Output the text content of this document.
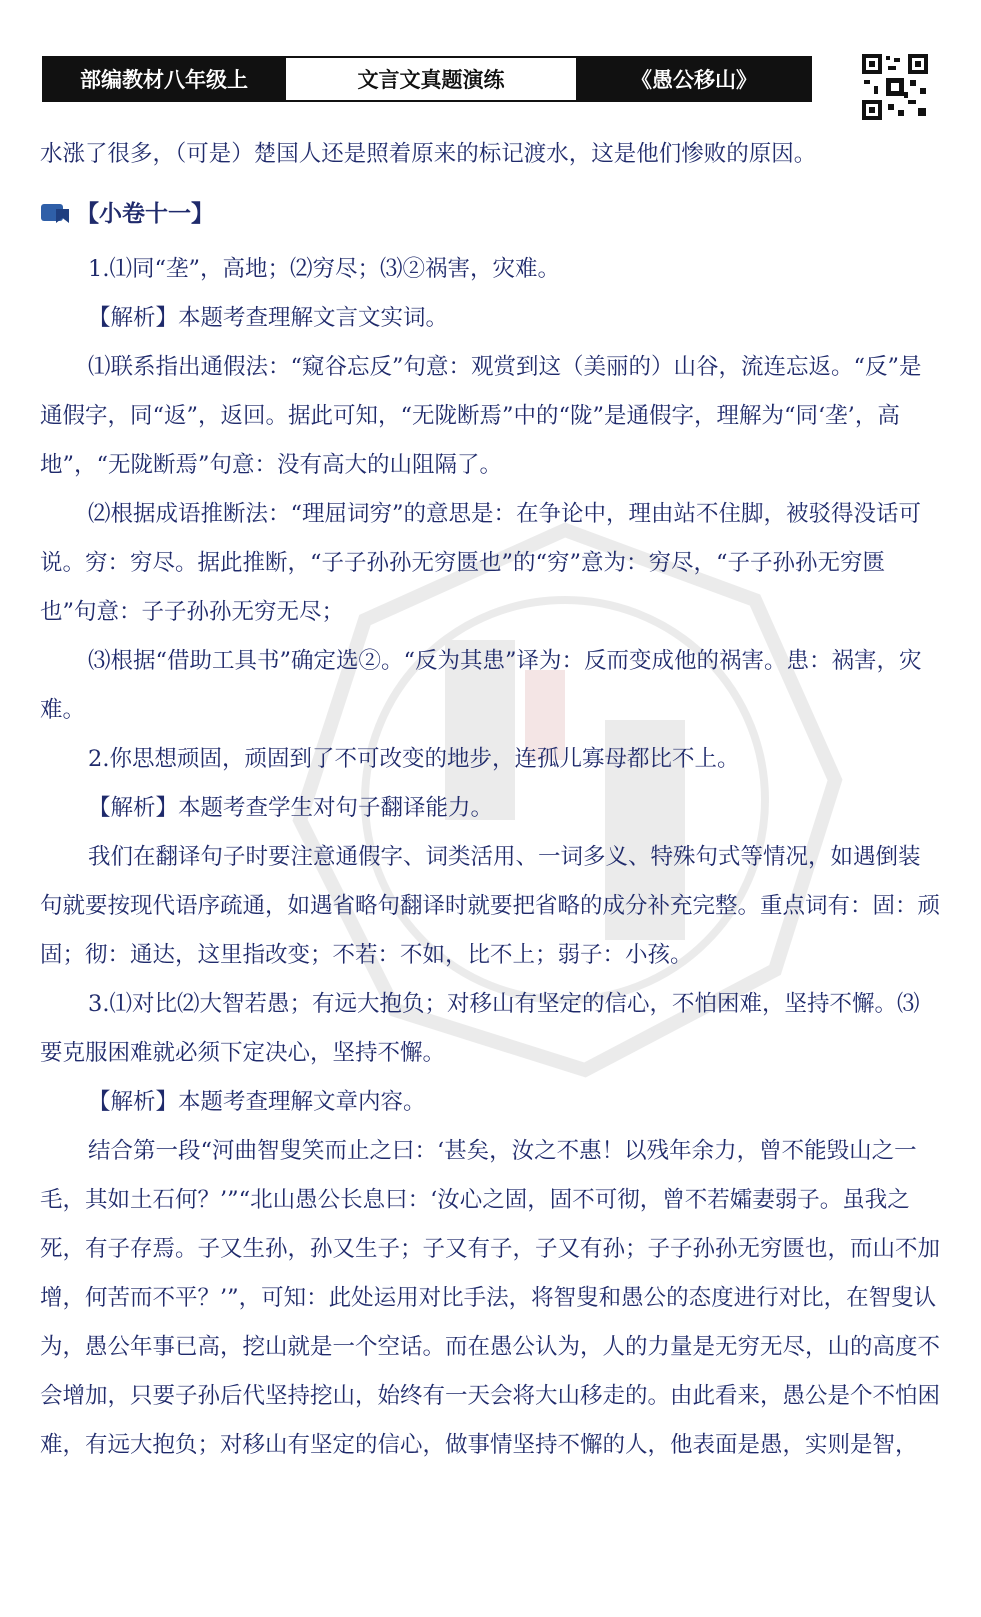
部编教材八年级上	文言文真题演练	《愚公移山》

水涨了很多，（可是）楚国人还是照着原来的标记渡水，这是他们惨败的原因。

【小卷十一】

1.⑴同“垄”，高地；⑵穷尽；⑶②祸害，灾难。

【解析】本题考查理解文言文实词。

⑴联系指出通假法：“窥谷忘反”句意：观赏到这（美丽的）山谷，流连忘返。“反”是通假字，同“返”，返回。据此可知，“无陇断焉”中的“陇”是通假字，理解为“同‘垄’，高地”，“无陇断焉”句意：没有高大的山阻隔了。

⑵根据成语推断法：“理屈词穷”的意思是：在争论中，理由站不住脚，被驳得没话可说。穷：穷尽。据此推断，“子子孙孙无穷匮也”的“穷”意为：穷尽，“子子孙孙无穷匮也”句意：子子孙孙无穷无尽；

⑶根据“借助工具书”确定选②。“反为其患”译为：反而变成他的祸害。患：祸害，灾难。

2.你思想顽固，顽固到了不可改变的地步，连孤儿寡母都比不上。

【解析】本题考查学生对句子翻译能力。

我们在翻译句子时要注意通假字、词类活用、一词多义、特殊句式等情况，如遇倒装句就要按现代语序疏通，如遇省略句翻译时就要把省略的成分补充完整。重点词有：固：顽固；彻：通达，这里指改变；不若：不如，比不上；弱子：小孩。

3.⑴对比⑵大智若愚；有远大抱负；对移山有坚定的信心，不怕困难，坚持不懈。⑶要克服困难就必须下定决心，坚持不懈。

【解析】本题考查理解文章内容。

结合第一段“河曲智叟笑而止之曰：‘甚矣，汝之不惠！以残年余力，曾不能毁山之一毛，其如土石何？’”“北山愚公长息曰：‘汝心之固，固不可彻，曾不若孀妻弱子。虽我之死，有子存焉。子又生孙，孙又生子；子又有子，子又有孙；子子孙孙无穷匮也，而山不加增，何苦而不平？’”，可知：此处运用对比手法，将智叟和愚公的态度进行对比，在智叟认为，愚公年事已高，挖山就是一个空话。而在愚公认为，人的力量是无穷无尽，山的高度不会增加，只要子孙后代坚持挖山，始终有一天会将大山移走的。由此看来，愚公是个不怕困难，有远大抱负；对移山有坚定的信心，做事情坚持不懈的人，他表面是愚，实则是智，
